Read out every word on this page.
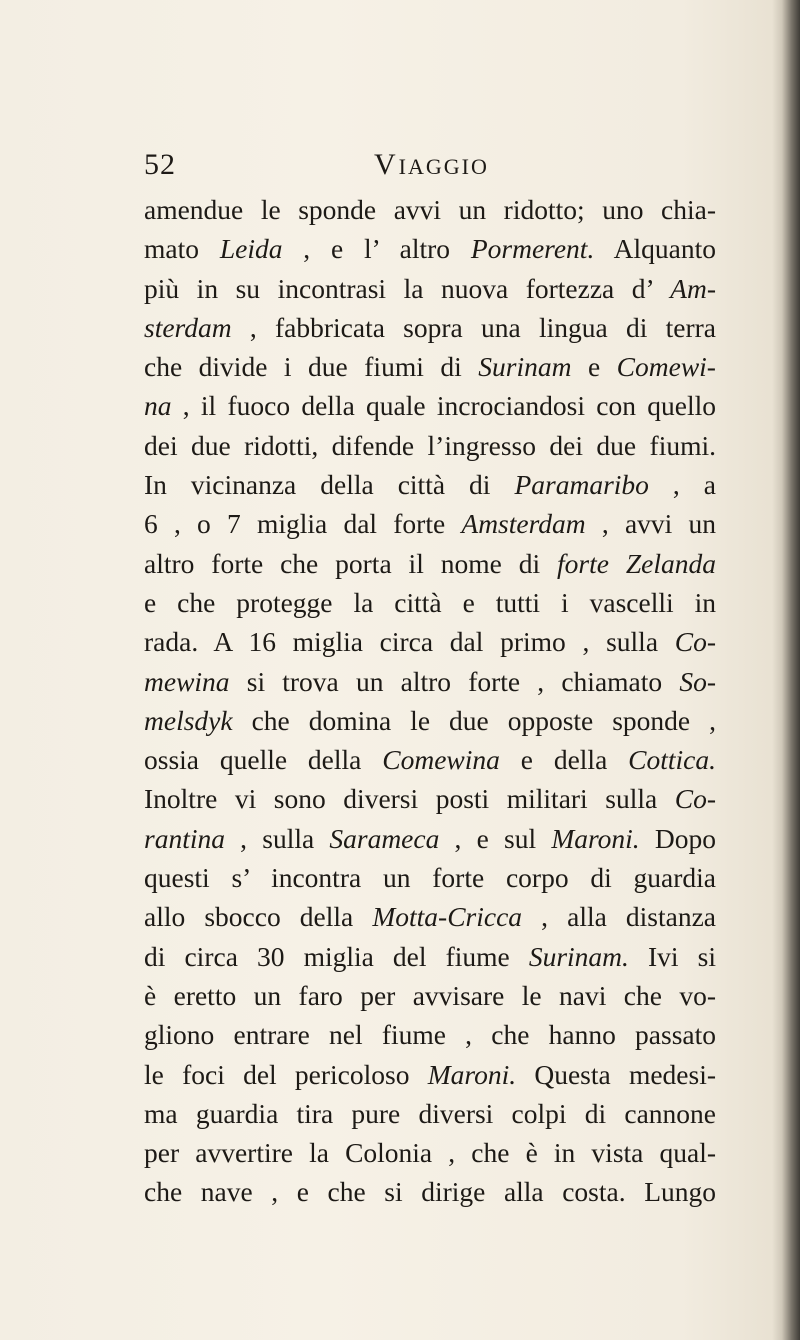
52	VIAGGIO
amendue le sponde avvi un ridotto; uno chia-
mato Leida , e l’ altro Pormerent. Alquanto
più in su incontrasi la nuova fortezza d’ Am-
sterdam , fabbricata sopra una lingua di terra
che divide i due fiumi di Surinam e Comewi-
na , il fuoco della quale incrociandosi con quello
dei due ridotti, difende l’ingresso dei due fiumi.
In vicinanza della città di Paramaribo , a
6 , o 7 miglia dal forte Amsterdam , avvi un
altro forte che porta il nome di forte Zelanda
e che protegge la città e tutti i vascelli in
rada. A 16 miglia circa dal primo , sulla Co-
mewina si trova un altro forte , chiamato So-
melsdyk che domina le due opposte sponde ,
ossia quelle della Comewina e della Cottica.
Inoltre vi sono diversi posti militari sulla Co-
rantina , sulla Sarameca , e sul Maroni. Dopo
questi s’ incontra un forte corpo di guardia
allo sbocco della Motta-Cricca , alla distanza
di circa 30 miglia del fiume Surinam. Ivi si
è eretto un faro per avvisare le navi che vo-
gliono entrare nel fiume , che hanno passato
le foci del pericoloso Maroni. Questa medesi-
ma guardia tira pure diversi colpi di cannone
per avvertire la Colonia , che è in vista qual-
che nave , e che si dirige alla costa. Lungo
